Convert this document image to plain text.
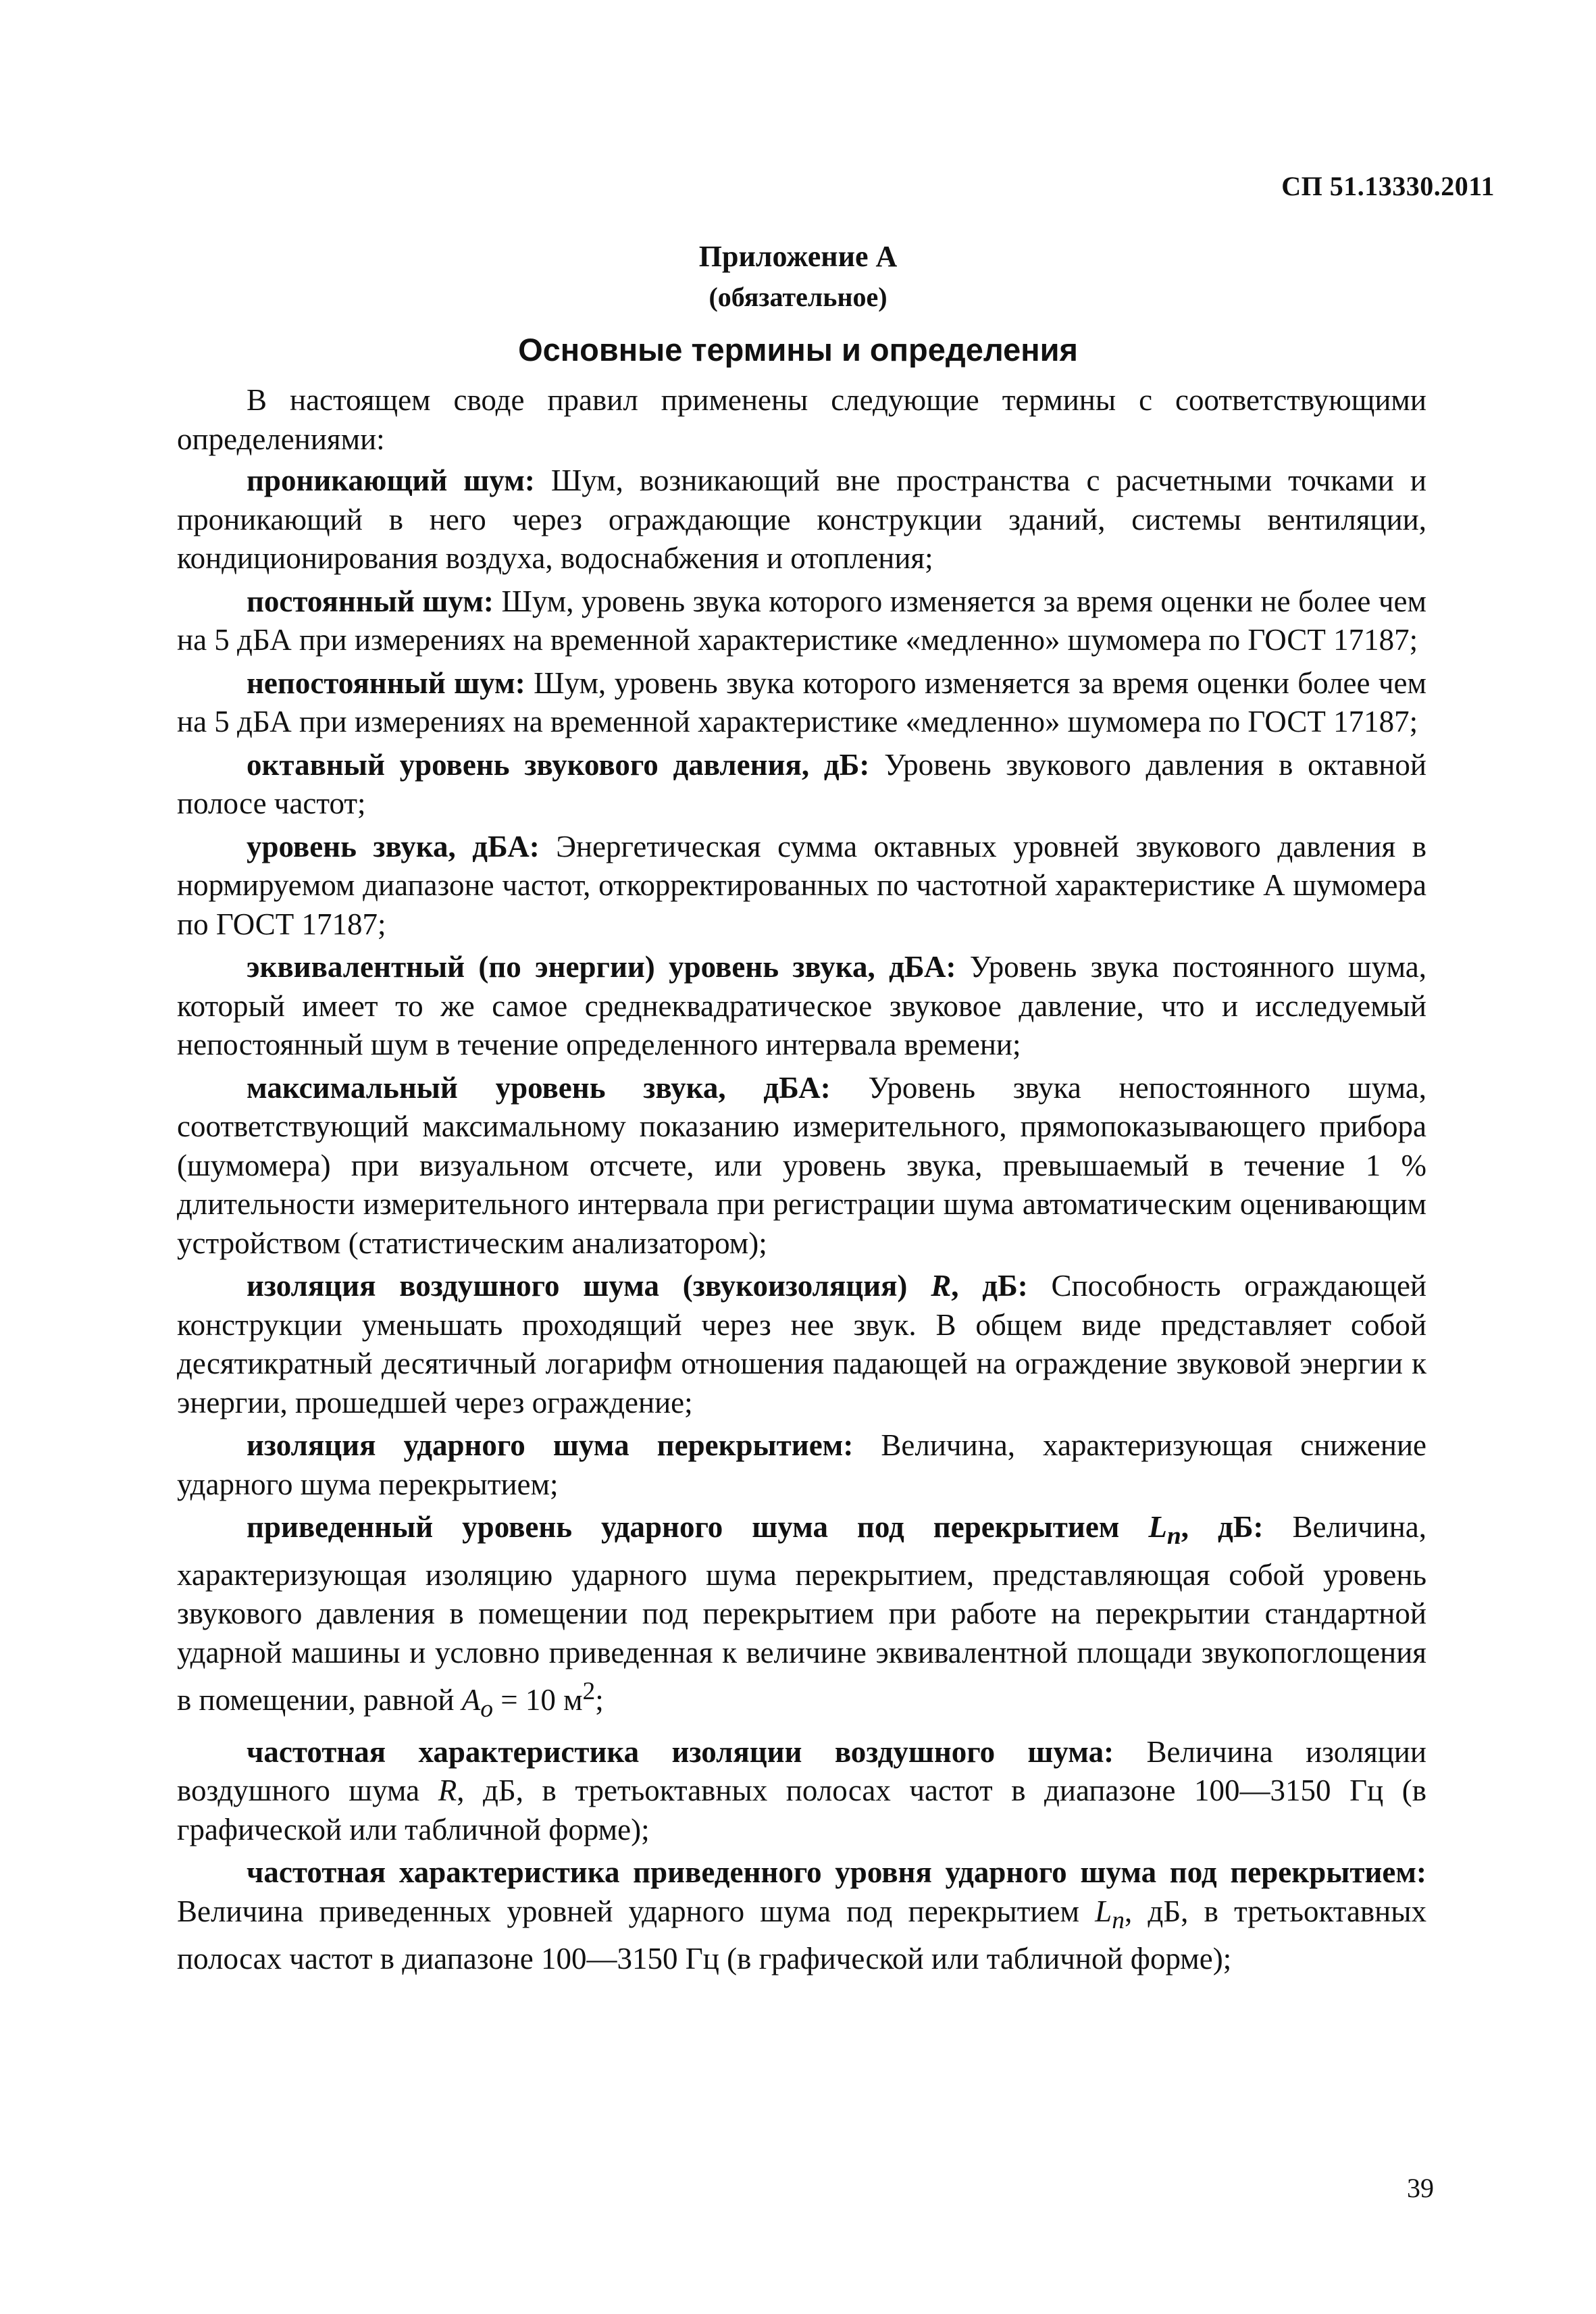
СП 51.13330.2011
Приложение А
(обязательное)
Основные термины и определения

В настоящем своде правил применены следующие термины с соответствующими определениями:

проникающий шум: Шум, возникающий вне пространства с расчетными точками и проникающий в него через ограждающие конструкции зданий, системы вентиляции, кондиционирования воздуха, водоснабжения и отопления;

постоянный шум: Шум, уровень звука которого изменяется за время оценки не более чем на 5 дБА при измерениях на временной характеристике «медленно» шумомера по ГОСТ 17187;

непостоянный шум: Шум, уровень звука которого изменяется за время оценки более чем на 5 дБА при измерениях на временной характеристике «медленно» шумомера по ГОСТ 17187;

октавный уровень звукового давления, дБ: Уровень звукового давления в октавной полосе частот;

уровень звука, дБА: Энергетическая сумма октавных уровней звукового давления в нормируемом диапазоне частот, откорректированных по частотной характеристике А шумомера по ГОСТ 17187;

эквивалентный (по энергии) уровень звука, дБА: Уровень звука постоянного шума, который имеет то же самое среднеквадратическое звуковое давление, что и исследуемый непостоянный шум в течение определенного интервала времени;

максимальный уровень звука, дБА: Уровень звука непостоянного шума, соответствующий максимальному показанию измерительного, прямопоказывающего прибора (шумомера) при визуальном отсчете, или уровень звука, превышаемый в течение 1 % длительности измерительного интервала при регистрации шума автоматическим оценивающим устройством (статистическим анализатором);

изоляция воздушного шума (звукоизоляция) R, дБ: Способность ограждающей конструкции уменьшать проходящий через нее звук. В общем виде представляет собой десятикратный десятичный логарифм отношения падающей на ограждение звуковой энергии к энергии, прошедшей через ограждение;

изоляция ударного шума перекрытием: Величина, характеризующая снижение ударного шума перекрытием;

приведенный уровень ударного шума под перекрытием $L_n$, дБ: Величина, характеризующая изоляцию ударного шума перекрытием, представляющая собой уровень звукового давления в помещении под перекрытием при работе на перекрытии стандартной ударной машины и условно приведенная к величине эквивалентной площади звукопоглощения в помещении, равной $A_o = 10$ $м^2$;

частотная характеристика изоляции воздушного шума: Величина изоляции воздушного шума R, дБ, в третьоктавных полосах частот в диапазоне 100—3150 Гц (в графической или табличной форме);

частотная характеристика приведенного уровня ударного шума под перекрытием: Величина приведенных уровней ударного шума под перекрытием $L_n$, дБ, в третьоктавных полосах частот в диапазоне 100—3150 Гц (в графической или табличной форме);

39
